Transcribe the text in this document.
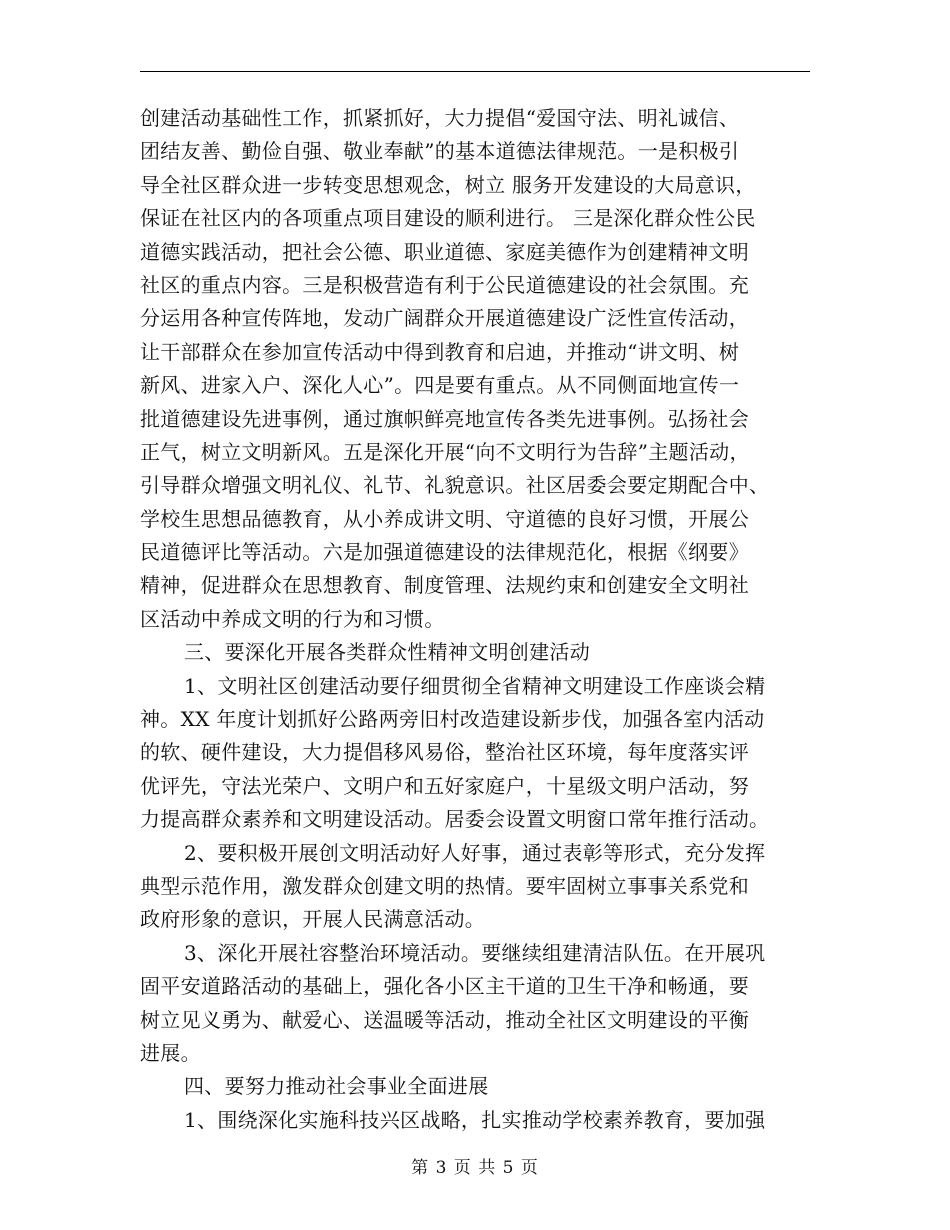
创建活动基础性工作，抓紧抓好，大力提倡“爱国守法、明礼诚信、
团结友善、勤俭自强、敬业奉献”的基本道德法律规范。一是积极引
导全社区群众进一步转变思想观念，树立 服务开发建设的大局意识，
保证在社区内的各项重点项目建设的顺利进行。 三是深化群众性公民
道德实践活动，把社会公德、职业道德、家庭美德作为创建精神文明
社区的重点内容。三是积极营造有利于公民道德建设的社会氛围。充
分运用各种宣传阵地，发动广阔群众开展道德建设广泛性宣传活动，
让干部群众在参加宣传活动中得到教育和启迪，并推动“讲文明、树
新风、进家入户、深化人心”。四是要有重点。从不同侧面地宣传一
批道德建设先进事例，通过旗帜鲜亮地宣传各类先进事例。弘扬社会
正气，树立文明新风。五是深化开展“向不文明行为告辞”主题活动，
引导群众增强文明礼仪、礼节、礼貌意识。社区居委会要定期配合中、
学校生思想品德教育，从小养成讲文明、守道德的良好习惯，开展公
民道德评比等活动。六是加强道德建设的法律规范化，根据《纲要》
精神，促进群众在思想教育、制度管理、法规约束和创建安全文明社
区活动中养成文明的行为和习惯。
三、要深化开展各类群众性精神文明创建活动
1、文明社区创建活动要仔细贯彻全省精神文明建设工作座谈会精
神。XX 年度计划抓好公路两旁旧村改造建设新步伐，加强各室内活动
的软、硬件建设，大力提倡移风易俗，整治社区环境，每年度落实评
优评先，守法光荣户、文明户和五好家庭户，十星级文明户活动，努
力提高群众素养和文明建设活动。居委会设置文明窗口常年推行活动。
2、要积极开展创文明活动好人好事，通过表彰等形式，充分发挥
典型示范作用，激发群众创建文明的热情。要牢固树立事事关系党和
政府形象的意识，开展人民满意活动。
3、深化开展社容整治环境活动。要继续组建清洁队伍。在开展巩
固平安道路活动的基础上，强化各小区主干道的卫生干净和畅通，要
树立见义勇为、献爱心、送温暖等活动，推动全社区文明建设的平衡
进展。
四、要努力推动社会事业全面进展
1、围绕深化实施科技兴区战略，扎实推动学校素养教育，要加强
第 3 页 共 5 页
